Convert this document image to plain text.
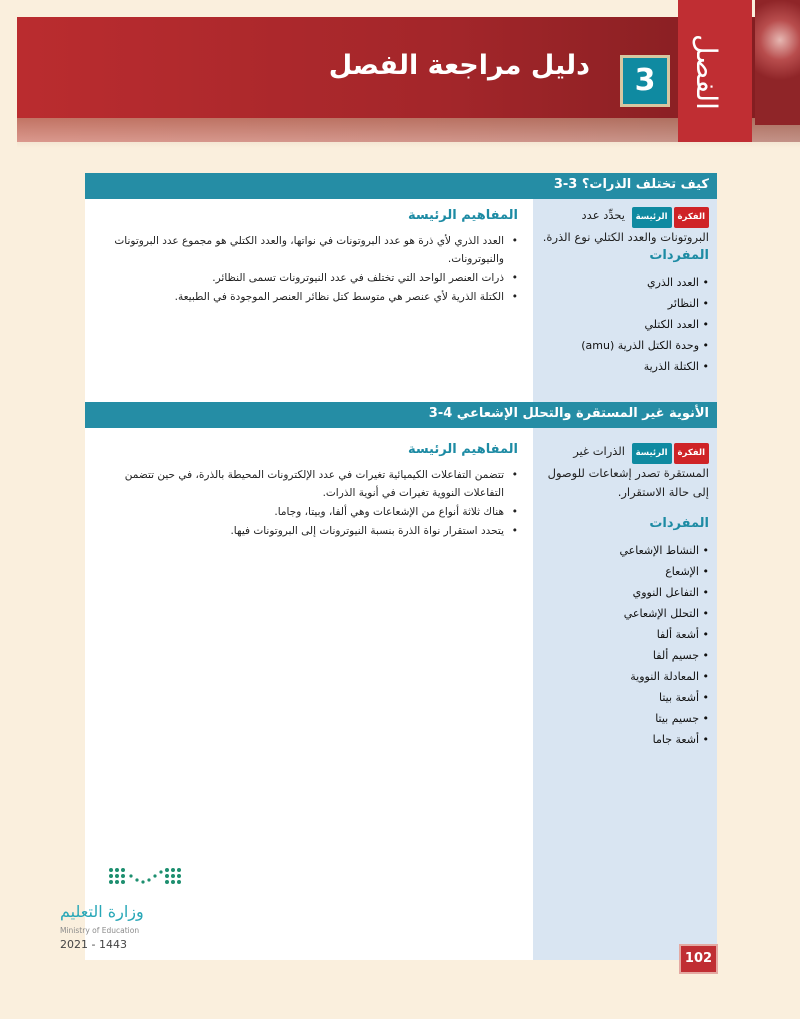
دليل مراجعة الفصل	3	الفصل
3-3 كيف تختلف الذرات؟
الفكرةالرئيسة يحدِّد عدد البروتونات والعدد الكتلي نوع الذرة.
المفردات
• العدد الذري
• النظائر
• العدد الكتلي
• وحدة الكتل الذرية (amu)
• الكتلة الذرية
المفاهيم الرئيسة
• العدد الذري لأي ذرة هو عدد البروتونات في نواتها، والعدد الكتلي هو مجموع عدد البروتونات والنيوترونات.
• ذرات العنصر الواحد التي تختلف في عدد النيوترونات تسمى النظائر.
• الكتلة الذرية لأي عنصر هي متوسط كتل نظائر العنصر الموجودة في الطبيعة.
3-4 الأنوية غير المستقرة والتحلل الإشعاعي
الفكرةالرئيسة الذرات غير المستقرة تصدر إشعاعات للوصول إلى حالة الاستقرار.
المفردات
• النشاط الإشعاعي
• الإشعاع
• التفاعل النووي
• التحلل الإشعاعي
• أشعة ألفا
• جسيم ألفا
• المعادلة النووية
• أشعة بيتا
• جسيم بيتا
• أشعة جاما
المفاهيم الرئيسة
• تتضمن التفاعلات الكيميائية تغيرات في عدد الإلكترونات المحيطة بالذرة، في حين تتضمن التفاعلات النووية تغيرات في أنوية الذرات.
• هناك ثلاثة أنواع من الإشعاعات وهي ألفا، وبيتا، وجاما.
• يتحدد استقرار نواة الذرة بنسبة النيوترونات إلى البروتونات فيها.
وزارة التعليم
Ministry of Education
2021 - 1443
102
